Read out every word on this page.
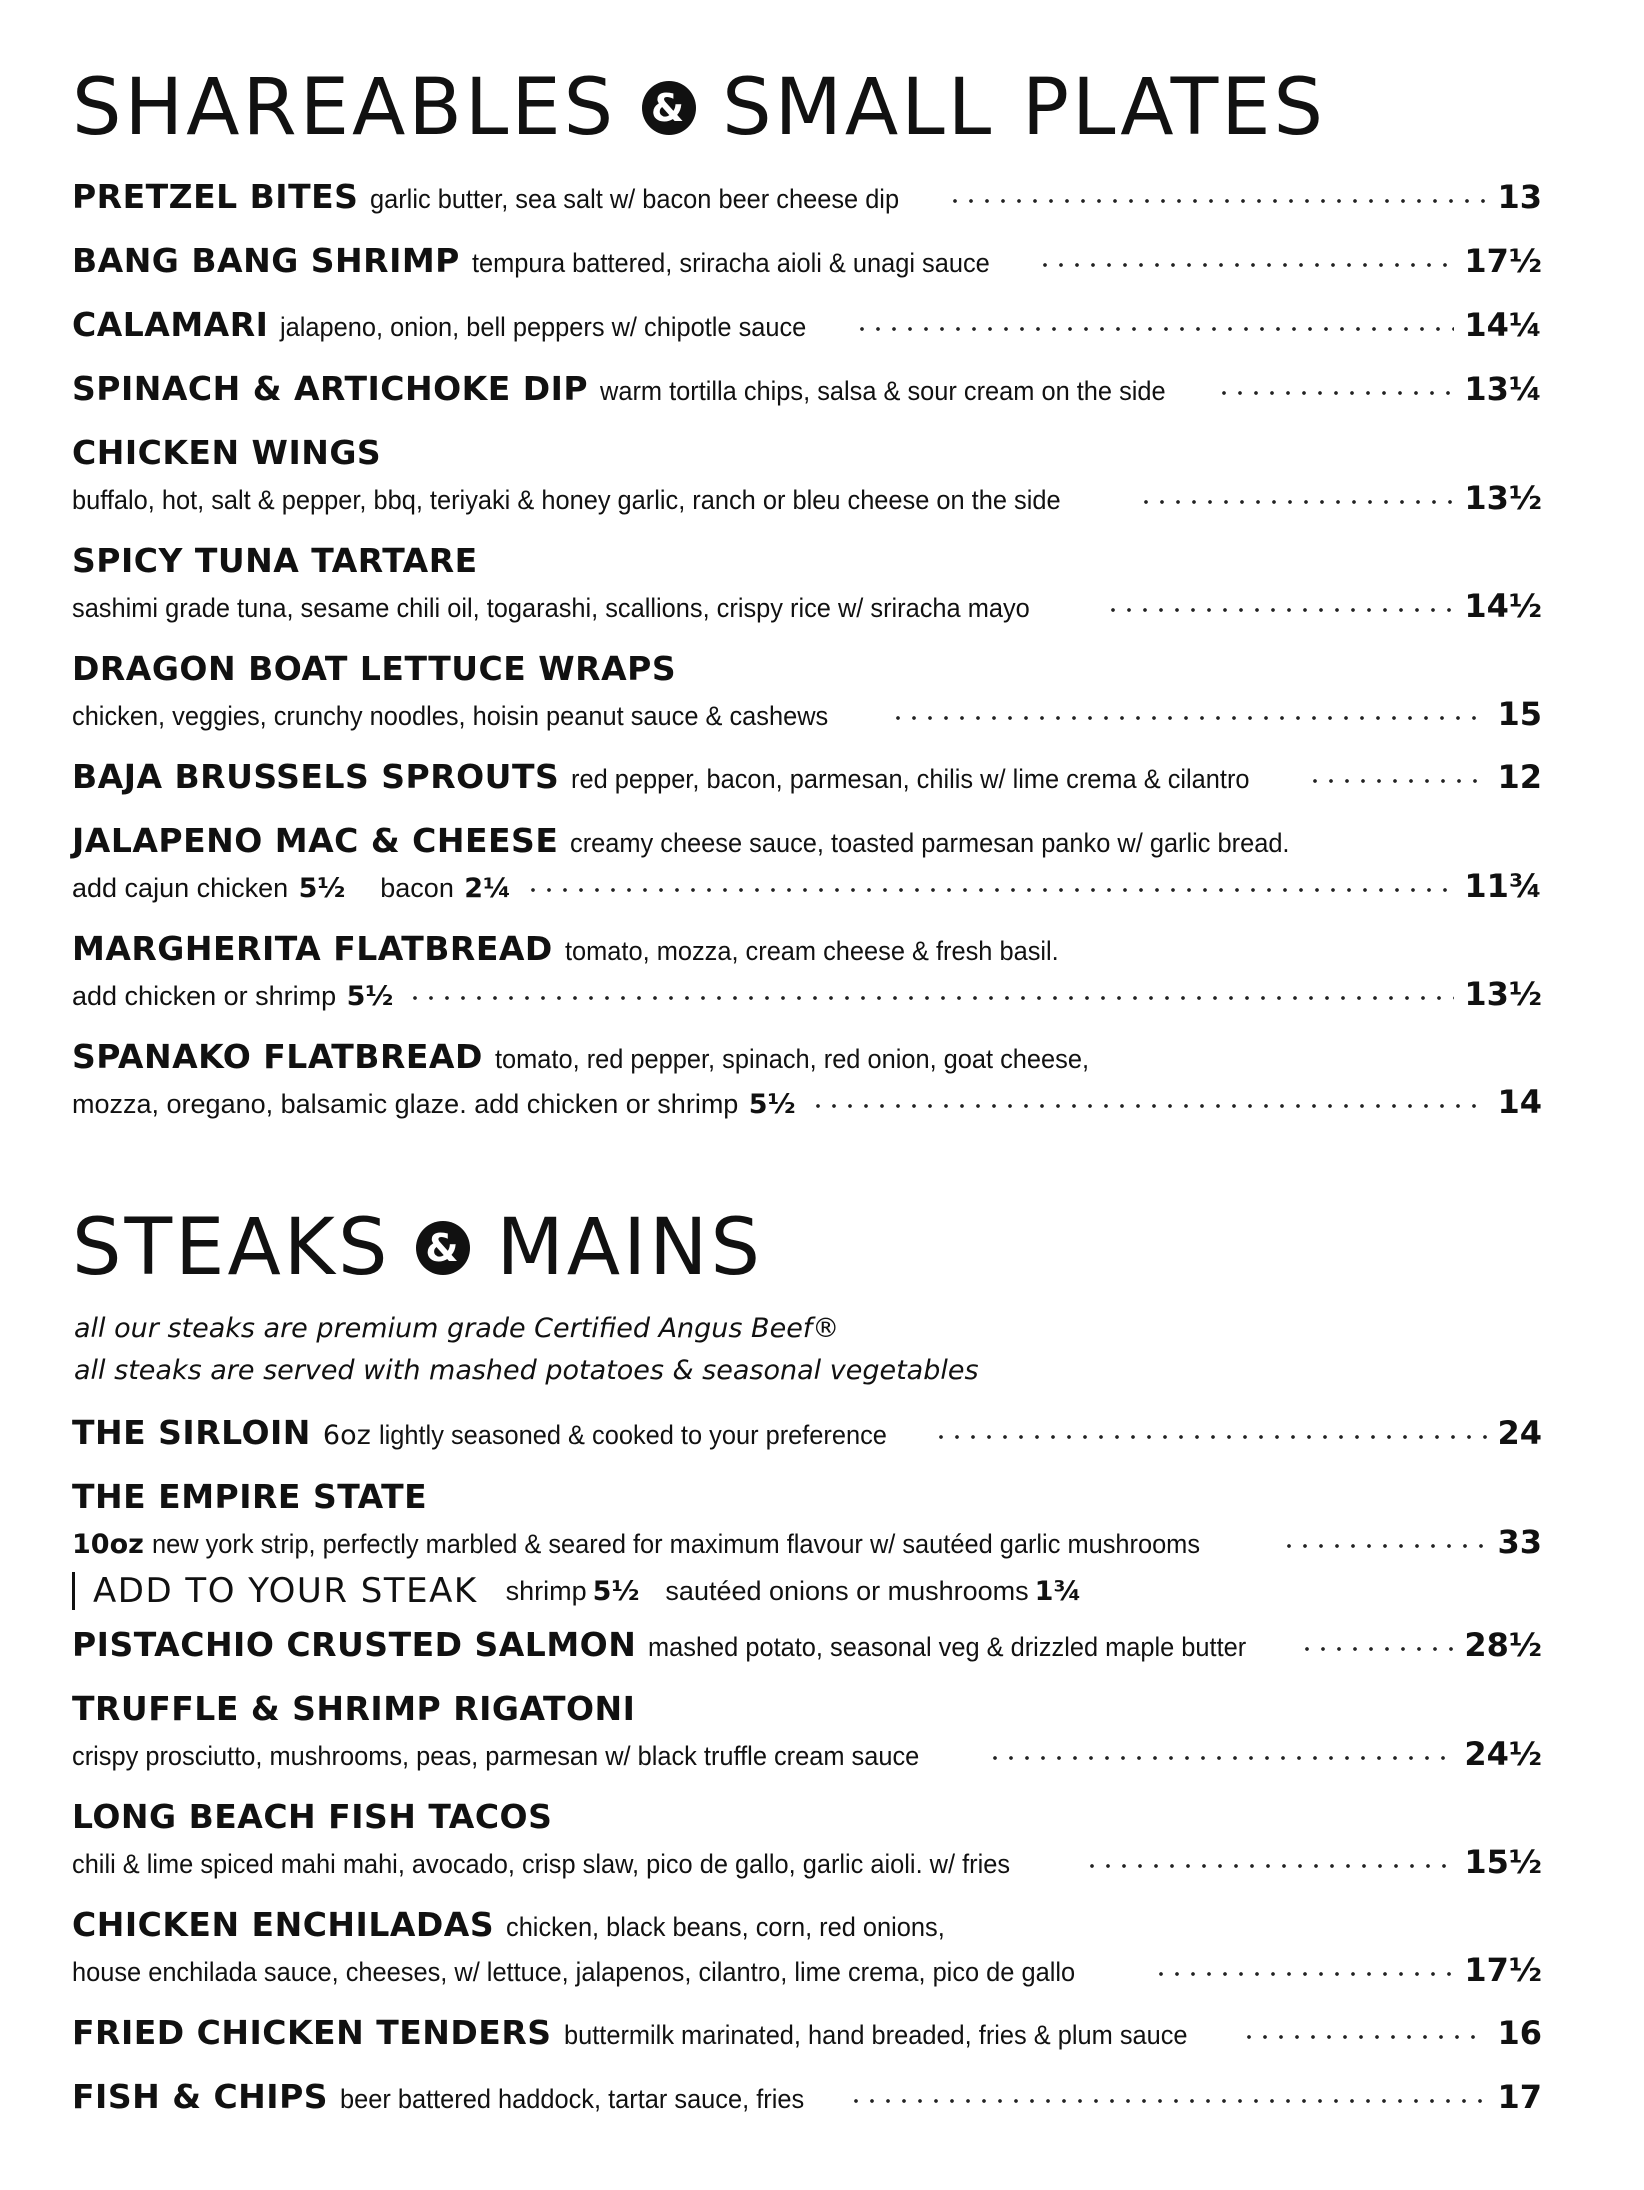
SHAREABLES & SMALL PLATES
PRETZEL BITES garlic butter, sea salt w/ bacon beer cheese dip	13
BANG BANG SHRIMP tempura battered, sriracha aioli & unagi sauce	17½
CALAMARI jalapeno, onion, bell peppers w/ chipotle sauce	14¼
SPINACH & ARTICHOKE DIP warm tortilla chips, salsa & sour cream on the side	13¼
CHICKEN WINGS
buffalo, hot, salt & pepper, bbq, teriyaki & honey garlic, ranch or bleu cheese on the side	13½
SPICY TUNA TARTARE
sashimi grade tuna, sesame chili oil, togarashi, scallions, crispy rice w/ sriracha mayo	14½
DRAGON BOAT LETTUCE WRAPS
chicken, veggies, crunchy noodles, hoisin peanut sauce & cashews	15
BAJA BRUSSELS SPROUTS red pepper, bacon, parmesan, chilis w/ lime crema & cilantro	12
JALAPENO MAC & CHEESE creamy cheese sauce, toasted parmesan panko w/ garlic bread.
add cajun chicken 5½ bacon 2¼	11¾
MARGHERITA FLATBREAD tomato, mozza, cream cheese & fresh basil.
add chicken or shrimp 5½	13½
SPANAKO FLATBREAD tomato, red pepper, spinach, red onion, goat cheese,
mozza, oregano, balsamic glaze. add chicken or shrimp 5½	14
STEAKS & MAINS
all our steaks are premium grade Certified Angus Beef®
all steaks are served with mashed potatoes & seasonal vegetables
THE SIRLOIN 6oz lightly seasoned & cooked to your preference	24
THE EMPIRE STATE
10oz new york strip, perfectly marbled & seared for maximum flavour w/ sautéed garlic mushrooms	33
ADD TO YOUR STEAK shrimp 5½ sautéed onions or mushrooms 1¾
PISTACHIO CRUSTED SALMON mashed potato, seasonal veg & drizzled maple butter	28½
TRUFFLE & SHRIMP RIGATONI
crispy prosciutto, mushrooms, peas, parmesan w/ black truffle cream sauce	24½
LONG BEACH FISH TACOS
chili & lime spiced mahi mahi, avocado, crisp slaw, pico de gallo, garlic aioli. w/ fries	15½
CHICKEN ENCHILADAS chicken, black beans, corn, red onions,
house enchilada sauce, cheeses, w/ lettuce, jalapenos, cilantro, lime crema, pico de gallo	17½
FRIED CHICKEN TENDERS buttermilk marinated, hand breaded, fries & plum sauce	16
FISH & CHIPS beer battered haddock, tartar sauce, fries	17
